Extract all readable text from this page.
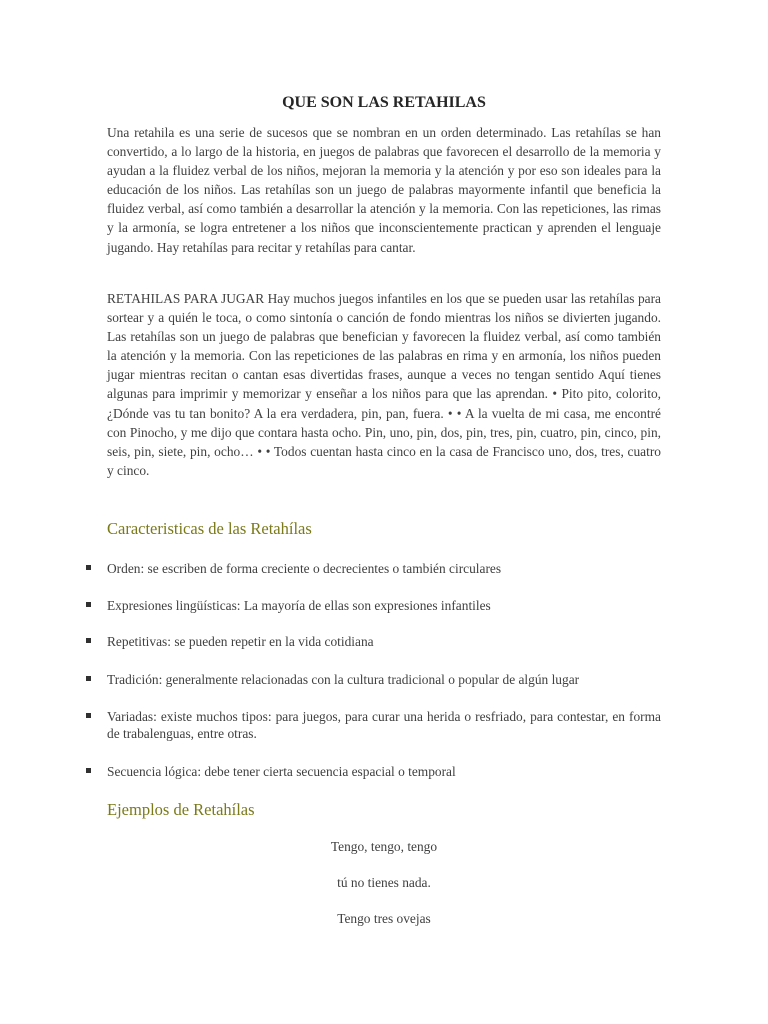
QUE SON LAS RETAHILAS

Una retahila es una serie de sucesos que se nombran en un orden determinado. Las retahílas se han convertido, a lo largo de la historia, en juegos de palabras que favorecen el desarrollo de la memoria y ayudan a la fluidez verbal de los niños, mejoran la memoria y la atención y por eso son ideales para la educación de los niños. Las retahílas son un juego de palabras mayormente infantil que beneficia la fluidez verbal, así como también a desarrollar la atención y la memoria. Con las repeticiones, las rimas y la armonía, se logra entretener a los niños que inconscientemente practican y aprenden el lenguaje jugando. Hay retahílas para recitar y retahílas para cantar.

RETAHILAS PARA JUGAR Hay muchos juegos infantiles en los que se pueden usar las retahílas para sortear y a quién le toca, o como sintonía o canción de fondo mientras los niños se divierten jugando. Las retahílas son un juego de palabras que benefician y favorecen la fluidez verbal, así como también la atención y la memoria. Con las repeticiones de las palabras en rima y en armonía, los niños pueden jugar mientras recitan o cantan esas divertidas frases, aunque a veces no tengan sentido Aquí tienes algunas para imprimir y memorizar y enseñar a los niños para que las aprendan. • Pito pito, colorito, ¿Dónde vas tu tan bonito? A la era verdadera, pin, pan, fuera. • • A la vuelta de mi casa, me encontré con Pinocho, y me dijo que contara hasta ocho. Pin, uno, pin, dos, pin, tres, pin, cuatro, pin, cinco, pin, seis, pin, siete, pin, ocho… • • Todos cuentan hasta cinco en la casa de Francisco uno, dos, tres, cuatro y cinco.

Caracteristicas de las Retahílas
Orden: se escriben de forma creciente o decrecientes o también circulares
Expresiones lingüísticas: La mayoría de ellas son expresiones infantiles
Repetitivas: se pueden repetir en la vida cotidiana
Tradición: generalmente relacionadas con la cultura tradicional o popular de algún lugar
Variadas: existe muchos tipos: para juegos, para curar una herida o resfriado, para contestar, en forma de trabalenguas, entre otras.
Secuencia lógica: debe tener cierta secuencia espacial o temporal
Ejemplos de Retahílas

Tengo, tengo, tengo

tú no tienes nada.

Tengo tres ovejas
